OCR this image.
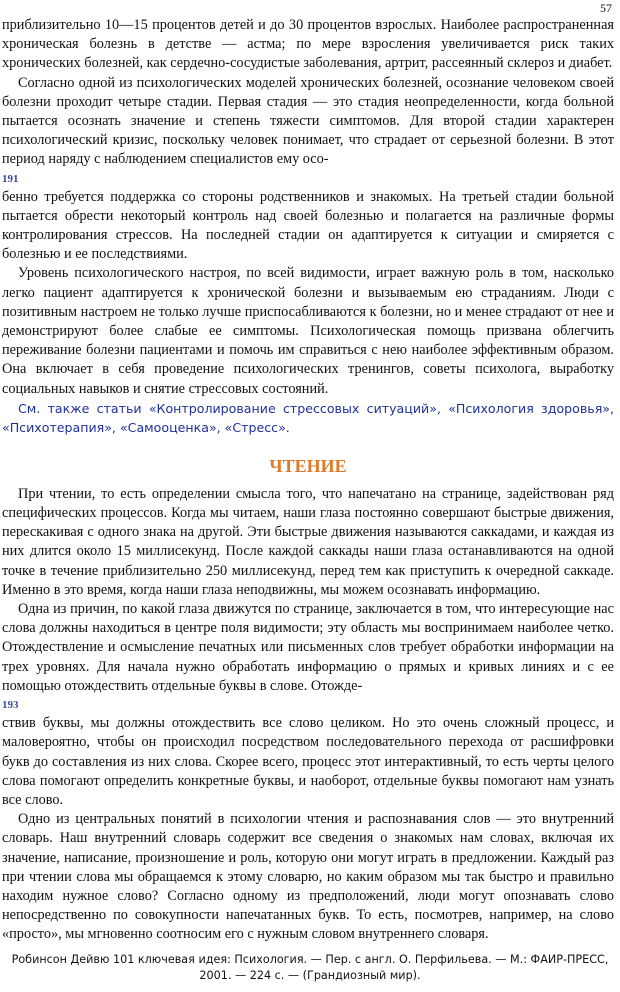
57

приблизительно 10—15 процентов детей и до 30 процентов взрослых. Наиболее распространенная хроническая болезнь в детстве — астма; по мере взросления увеличивается риск таких хронических болезней, как сердечно-сосудистые заболевания, артрит, рассеянный склероз и диабет.

Согласно одной из психологических моделей хронических болезней, осознание человеком своей болезни проходит четыре стадии. Первая стадия — это стадия неопределенности, когда больной пытается осознать значение и степень тяжести симптомов. Для второй стадии характерен психологический кризис, поскольку человек понимает, что страдает от серьезной болезни. В этот период наряду с наблюдением специалистов ему осо-

191

бенно требуется поддержка со стороны родственников и знакомых. На третьей стадии больной пытается обрести некоторый контроль над своей болезнью и полагается на различные формы контролирования стрессов. На последней стадии он адаптируется к ситуации и смиряется с болезнью и ее последствиями.

Уровень психологического настроя, по всей видимости, играет важную роль в том, насколько легко пациент адаптируется к хронической болезни и вызываемым ею страданиям. Люди с позитивным настроем не только лучше приспосабливаются к болезни, но и менее страдают от нее и демонстрируют более слабые ее симптомы. Психологическая помощь призвана облегчить переживание болезни пациентами и помочь им справиться с нею наиболее эффективным образом. Она включает в себя проведение психологических тренингов, советы психолога, выработку социальных навыков и снятие стрессовых состояний.

См. также статьи «Контролирование стрессовых ситуаций», «Психология здоровья», «Психотерапия», «Самооценка», «Стресс».

ЧТЕНИЕ

При чтении, то есть определении смысла того, что напечатано на странице, задействован ряд специфических процессов. Когда мы читаем, наши глаза постоянно совершают быстрые движения, перескакивая с одного знака на другой. Эти быстрые движения называются саккадами, и каждая из них длится около 15 миллисекунд. После каждой саккады наши глаза останавливаются на одной точке в течение приблизительно 250 миллисекунд, перед тем как приступить к очередной саккаде. Именно в это время, когда наши глаза неподвижны, мы можем осознавать информацию.

Одна из причин, по какой глаза движутся по странице, заключается в том, что интересующие нас слова должны находиться в центре поля видимости; эту область мы воспринимаем наиболее четко. Отождествление и осмысление печатных или письменных слов требует обработки информации на трех уровнях. Для начала нужно обработать информацию о прямых и кривых линиях и с ее помощью отождествить отдельные буквы в слове. Отожде-

193

ствив буквы, мы должны отождествить все слово целиком. Но это очень сложный процесс, и маловероятно, чтобы он происходил посредством последовательного перехода от расшифровки букв до составления из них слова. Скорее всего, процесс этот интерактивный, то есть черты целого слова помогают определить конкретные буквы, и наоборот, отдельные буквы помогают нам узнать все слово.

Одно из центральных понятий в психологии чтения и распознавания слов — это внутренний словарь. Наш внутренний словарь содержит все сведения о знакомых нам словах, включая их значение, написание, произношение и роль, которую они могут играть в предложении. Каждый раз при чтении слова мы обращаемся к этому словарю, но каким образом мы так быстро и правильно находим нужное слово? Согласно одному из предположений, люди могут опознавать слово непосредственно по совокупности напечатанных букв. То есть, посмотрев, например, на слово «просто», мы мгновенно соотносим его с нужным словом внутреннего словаря.

Робинсон Дейвю 101 ключевая идея: Психология. — Пер. с англ. О. Перфильева. — М.: ФАИР-ПРЕСС, 2001. — 224 с. — (Грандиозный мир).
